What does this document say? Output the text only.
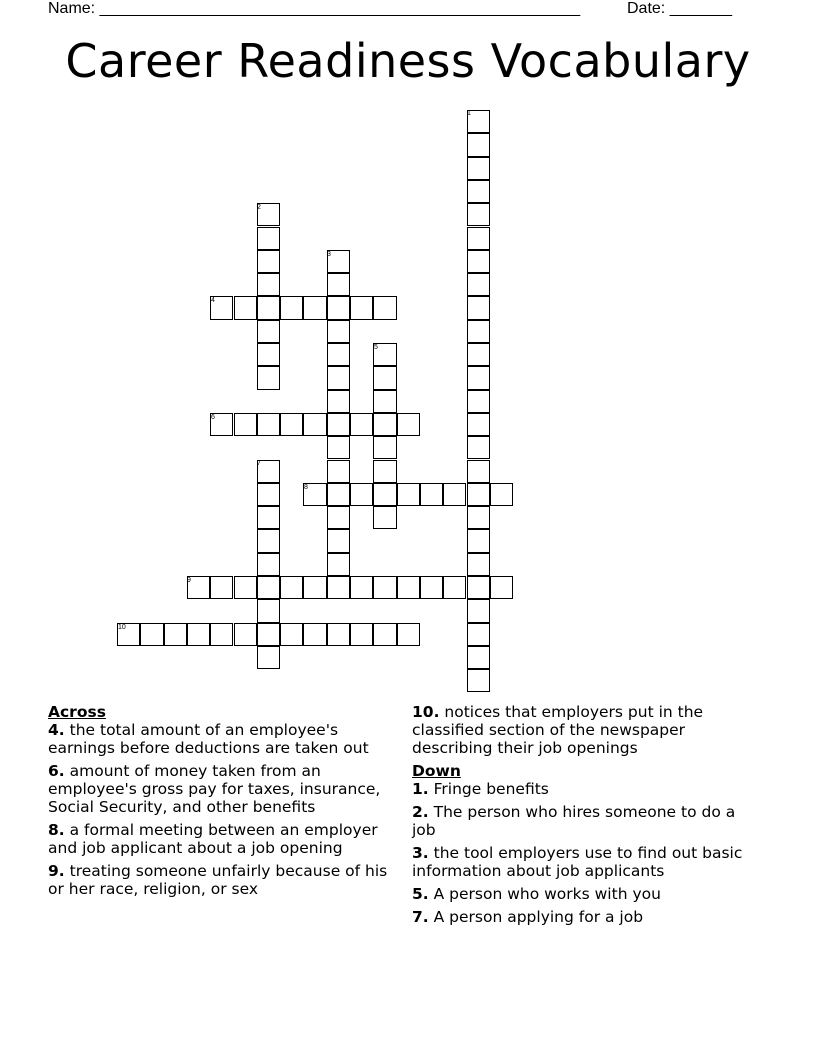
Name: ______________________________________________________	Date: _______
Career Readiness Vocabulary
1
2
3
4
5
6
7
8
9
10

Across

4. the total amount of an employee's earnings before deductions are taken out

6. amount of money taken from an employee's gross pay for taxes, insurance, Social Security, and other benefits

8. a formal meeting between an employer and job applicant about a job opening

9. treating someone unfairly because of his or her race, religion, or sex

10. notices that employers put in the classified section of the newspaper describing their job openings

Down

1. Fringe benefits

2. The person who hires someone to do a job

3. the tool employers use to find out basic information about job applicants

5. A person who works with you

7. A person applying for a job
